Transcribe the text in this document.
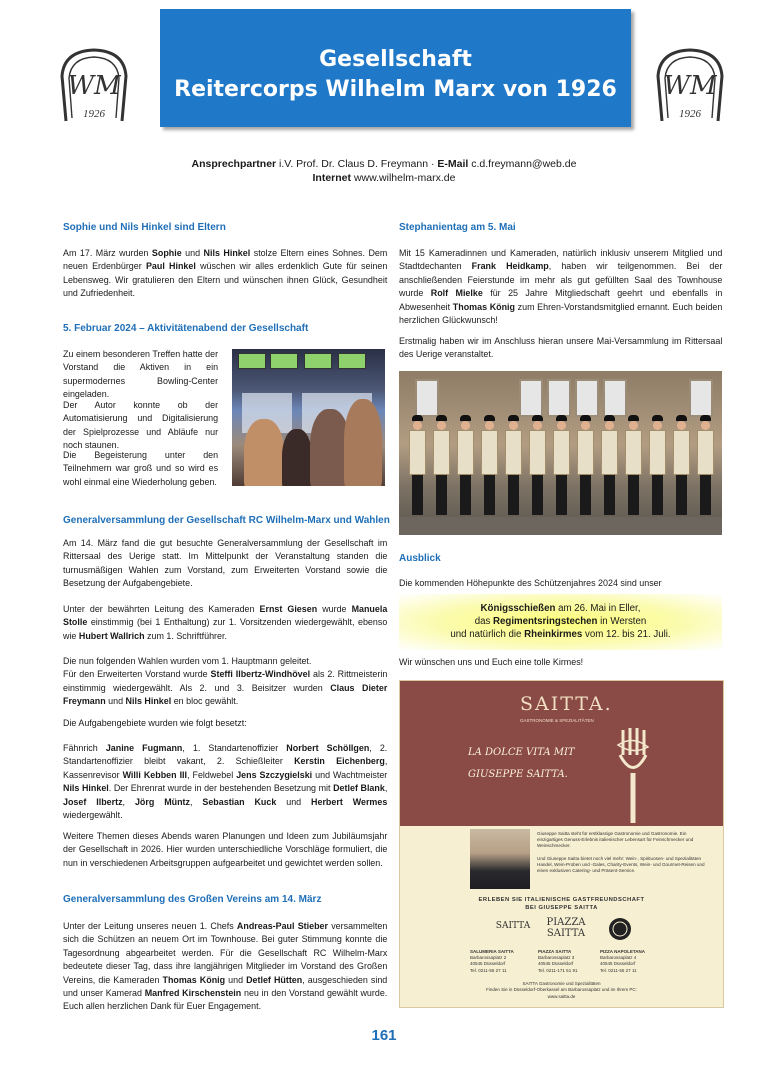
WM
1926
WM
1926
Gesellschaft
Reitercorps Wilhelm Marx von 1926
Ansprechpartner i.V. Prof. Dr. Claus D. Freymann · E-Mail c.d.freymann@web.de
Internet www.wilhelm-marx.de
Sophie und Nils Hinkel sind Eltern
Am 17. März wurden Sophie und Nils Hinkel stolze Eltern eines Sohnes. Dem neuen Erdenbürger Paul Hinkel wüschen wir alles erdenklich Gute für seinen Lebensweg. Wir gratulieren den Eltern und wünschen ihnen Glück, Gesundheit und Zufriedenheit.
5. Februar 2024 – Aktivitätenabend der Gesellschaft
Zu einem besonderen Treffen hatte der Vorstand die Aktiven in ein supermodernes Bowling-Center eingeladen.
Der Autor konnte ob der Automatisierung und Digitalisierung der Spielprozesse und Abläufe nur noch staunen.
Die Begeisterung unter den Teilnehmern war groß und so wird es wohl einmal eine Wiederholung geben.
Generalversammlung der Gesellschaft RC Wilhelm-Marx und Wahlen
Am 14. März fand die gut besuchte Generalversammlung der Gesellschaft im Rittersaal des Uerige statt. Im Mittelpunkt der Veranstaltung standen die turnusmäßigen Wahlen zum Vorstand, zum Erweiterten Vorstand sowie die Besetzung der Aufgabengebiete.
Unter der bewährten Leitung des Kameraden Ernst Giesen wurde Manuela Stolle einstimmig (bei 1 Enthaltung) zur 1. Vorsitzenden wiedergewählt, ebenso wie Hubert Wallrich zum 1. Schriftführer.
Die nun folgenden Wahlen wurden vom 1. Hauptmann geleitet.
Für den Erweiterten Vorstand wurde Steffi Ilbertz-Windhövel als 2. Rittmeisterin einstimmig wiedergewählt. Als 2. und 3. Beisitzer wurden Claus Dieter Freymann und Nils Hinkel en bloc gewählt.
Die Aufgabengebiete wurden wie folgt besetzt:
Fähnrich Janine Fugmann, 1. Standartenoffizier Norbert Schöllgen, 2. Standartenoffizier bleibt vakant, 2. Schießleiter Kerstin Eichenberg, Kassenrevisor Willi Kebben III, Feldwebel Jens Szczygielski und Wachtmeister Nils Hinkel. Der Ehrenrat wurde in der bestehenden Besetzung mit Detlef Blank, Josef Ilbertz, Jörg Müntz, Sebastian Kuck und Herbert Wermes wiedergewählt.
Weitere Themen dieses Abends waren Planungen und Ideen zum Jubiläumsjahr der Gesellschaft in 2026. Hier wurden unterschiedliche Vorschläge formuliert, die nun in verschiedenen Arbeitsgruppen aufgearbeitet und gewichtet werden sollen.
Generalversammlung des Großen Vereins am 14. März
Unter der Leitung unseres neuen 1. Chefs Andreas-Paul Stieber versammelten sich die Schützen an neuem Ort im Townhouse. Bei guter Stimmung konnte die Tagesordnung abgearbeitet werden. Für die Gesellschaft RC Wilhelm-Marx bedeutete dieser Tag, dass ihre langjährigen Mitglieder im Vorstand des Großen Vereins, die Kameraden Thomas König und Detlef Hütten, ausgeschieden sind und unser Kamerad Manfred Kirschenstein neu in den Vorstand gewählt wurde. Euch allen herzlichen Dank für Euer Engagement.
Stephanientag am 5. Mai
Mit 15 Kameradinnen und Kameraden, natürlich inklusiv unserem Mitglied und Stadtdechanten Frank Heidkamp, haben wir teilgenommen. Bei der anschließenden Feierstunde im mehr als gut gefüllten Saal des Townhouse wurde Rolf Mielke für 25 Jahre Mitgliedschaft geehrt und ebenfalls in Abwesenheit Thomas König zum Ehren-Vorstandsmitglied ernannt. Euch beiden herzlichen Glückwunsch!
Erstmalig haben wir im Anschluss hieran unsere Mai-Versammlung im Rittersaal des Uerige veranstaltet.
Ausblick
Die kommenden Höhepunkte des Schützenjahres 2024 sind unser
Königsschießen am 26. Mai in Eller,
das Regimentsringstechen in Wersten
und natürlich die Rheinkirmes vom 12. bis 21. Juli.
Wir wünschen uns und Euch eine tolle Kirmes!
SAITTA.
GASTRONOMIE & SPEZIALITÄTEN
LA DOLCE VITA MIT
GIUSEPPE SAITTA.
Giuseppe Saitta steht für erstklassige Gastronomie und Gastronomie. Ein einzigartiges Genuss-Erlebnis italienischer Lebensart für Feinschmecker und Weinschmecker.
Und Giuseppe Saitta bietet noch viel mehr: Wein-, Spirituosen- und Spezialitäten Handel, Wein-Proben und -Gales, Charity-Events, Wein- und Gourmet-Reisen und einen exklusiven Catering- und Präsent-Service.
ERLEBEN SIE ITALIENISCHE GASTFREUNDSCHAFT
BEI GIUSEPPE SAITTA
SAITTA	PIAZZA
SAITTA
SALUMERIA SAITTA
Barbarossaplatz 2
40545 Düsseldorf
Tel. 0211-55 27 11
PIAZZA SAITTA
Barbarossaplatz 3
40545 Düsseldorf
Tel. 0211-171 51 91
PIZZA NAPOLETANA
Barbarossaplatz 4
40545 Düsseldorf
Tel. 0211-55 27 11
SAITTA Gastronomie und Spezialitäten
Finden Sie in Düsseldorf-Oberkassel am Barbarossaplatz und im Ihrem PC:
www.saitta.de
161
